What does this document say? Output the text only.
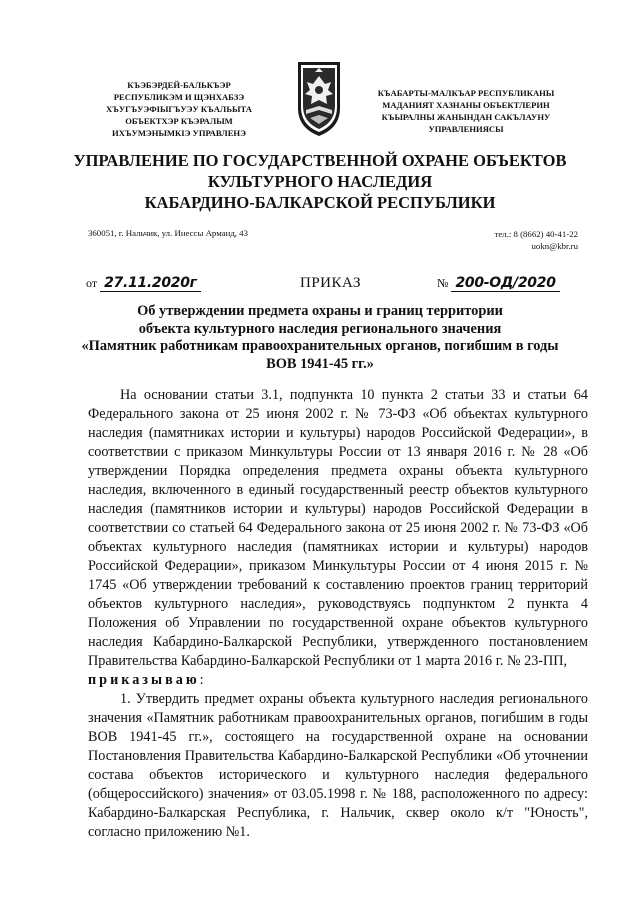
КЪЭБЭРДЕЙ-БАЛЬКЪЭР
РЕСПУБЛИКЭМ И ЩЭНХАБЗЭ
ХЪУГЪУЭФІЫГЪУЭУ КЪАЛЬЫТА
ОБЪЕКТХЭР КЪЭРАЛЫМ
ИХЪУМЭНЫМКІЭ УПРАВЛЕНЭ
КЪАБАРТЫ-МАЛКЪАР РЕСПУБЛИКАНЫ
МАДАНИЯТ ХАЗНАНЫ ОБЪЕКТЛЕРИН
КЪЫРАЛНЫ ЖАНЫНДАН САКЪЛАУНУ
УПРАВЛЕНИЯСЫ
УПРАВЛЕНИЕ ПО ГОСУДАРСТВЕННОЙ ОХРАНЕ ОБЪЕКТОВ
КУЛЬТУРНОГО НАСЛЕДИЯ
КАБАРДИНО-БАЛКАРСКОЙ РЕСПУБЛИКИ
360051, г. Нальчик, ул. Инессы Арманд, 43	тел.: 8 (8662) 40-41-22
uokn@kbr.ru
от 27.11.2020г	ПРИКАЗ	№ 200-ОД/2020
Об утверждении предмета охраны и границ территории
объекта культурного наследия регионального значения
«Памятник работникам правоохранительных органов, погибшим в годы
ВОВ 1941-45 гг.»

На основании статьи 3.1, подпункта 10 пункта 2 статьи 33 и статьи 64 Федерального закона от 25 июня 2002 г. № 73-ФЗ «Об объектах культурного наследия (памятниках истории и культуры) народов Российской Федерации», в соответствии с приказом Минкультуры России от 13 января 2016 г. № 28 «Об утверждении Порядка определения предмета охраны объекта культурного наследия, включенного в единый государственный реестр объектов культурного наследия (памятников истории и культуры) народов Российской Федерации в соответствии со статьей 64 Федерального закона от 25 июня 2002 г. № 73-ФЗ «Об объектах культурного наследия (памятниках истории и культуры) народов Российской Федерации», приказом Минкультуры России от 4 июня 2015 г. № 1745 «Об утверждении требований к составлению проектов границ территорий объектов культурного наследия», руководствуясь подпунктом 2 пункта 4 Положения об Управлении по государственной охране объектов культурного наследия Кабардино-Балкарской Республики, утвержденного постановлением Правительства Кабардино-Балкарской Республики от 1 марта 2016 г. № 23-ПП,
приказываю:

1. Утвердить предмет охраны объекта культурного наследия регионального значения «Памятник работникам правоохранительных органов, погибшим в годы ВОВ 1941-45 гг.», состоящего на государственной охране на основании Постановления Правительства Кабардино-Балкарской Республики «Об уточнении состава объектов исторического и культурного наследия федерального (общероссийского) значения» от 03.05.1998 г. № 188, расположенного по адресу: Кабардино-Балкарская Республика, г. Нальчик, сквер около к/т "Юность", согласно приложению №1.
